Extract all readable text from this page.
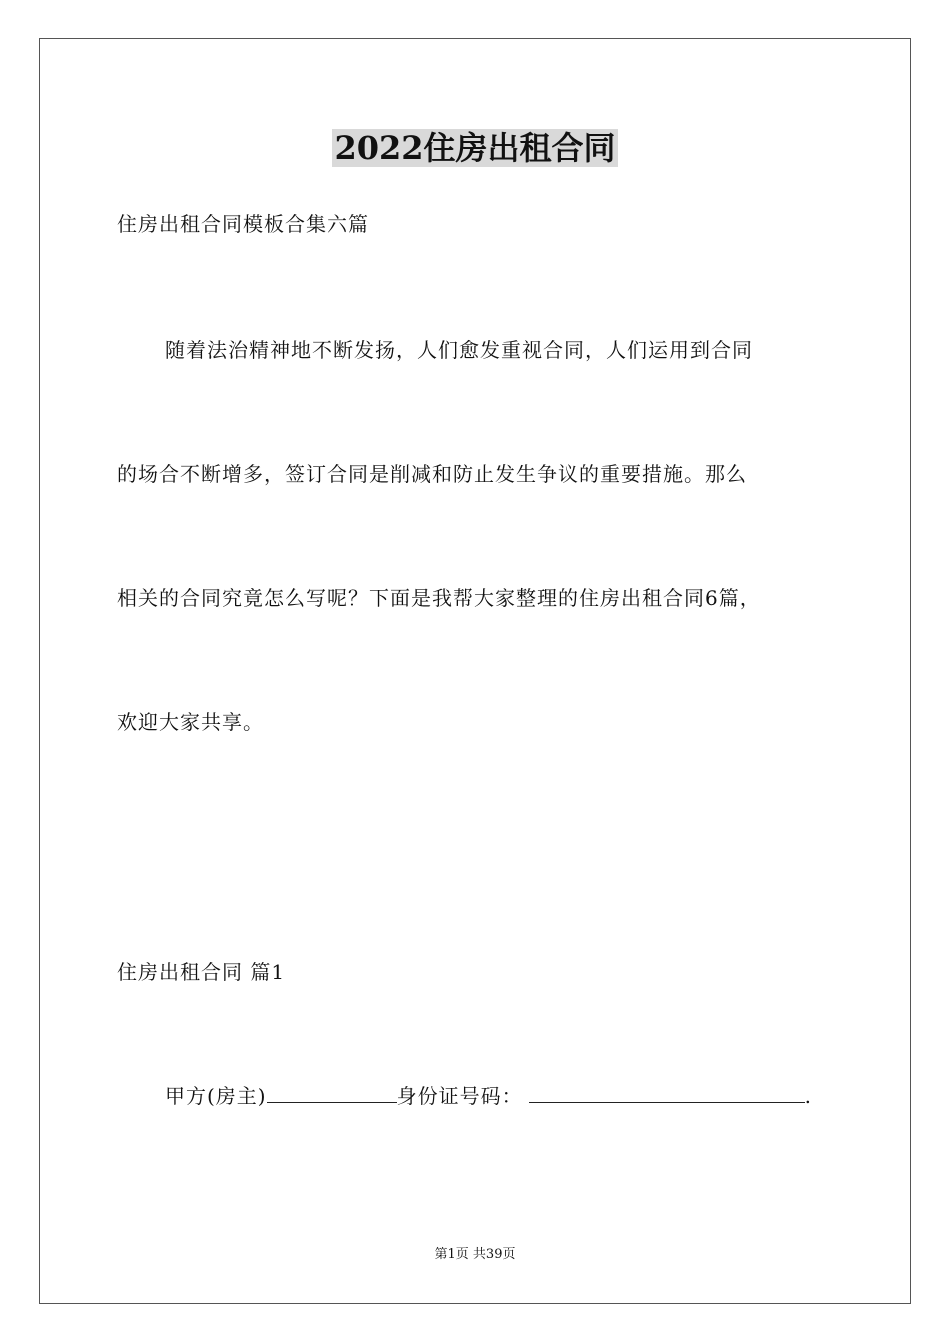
2022住房出租合同
住房出租合同模板合集六篇
随着法治精神地不断发扬，人们愈发重视合同，人们运用到合同
的场合不断增多，签订合同是削减和防止发生争议的重要措施。那么
相关的合同究竟怎么写呢？下面是我帮大家整理的住房出租合同6篇，
欢迎大家共享。
住房出租合同 篇1
甲方(房主)	身份证号码：	.
第1页 共39页
